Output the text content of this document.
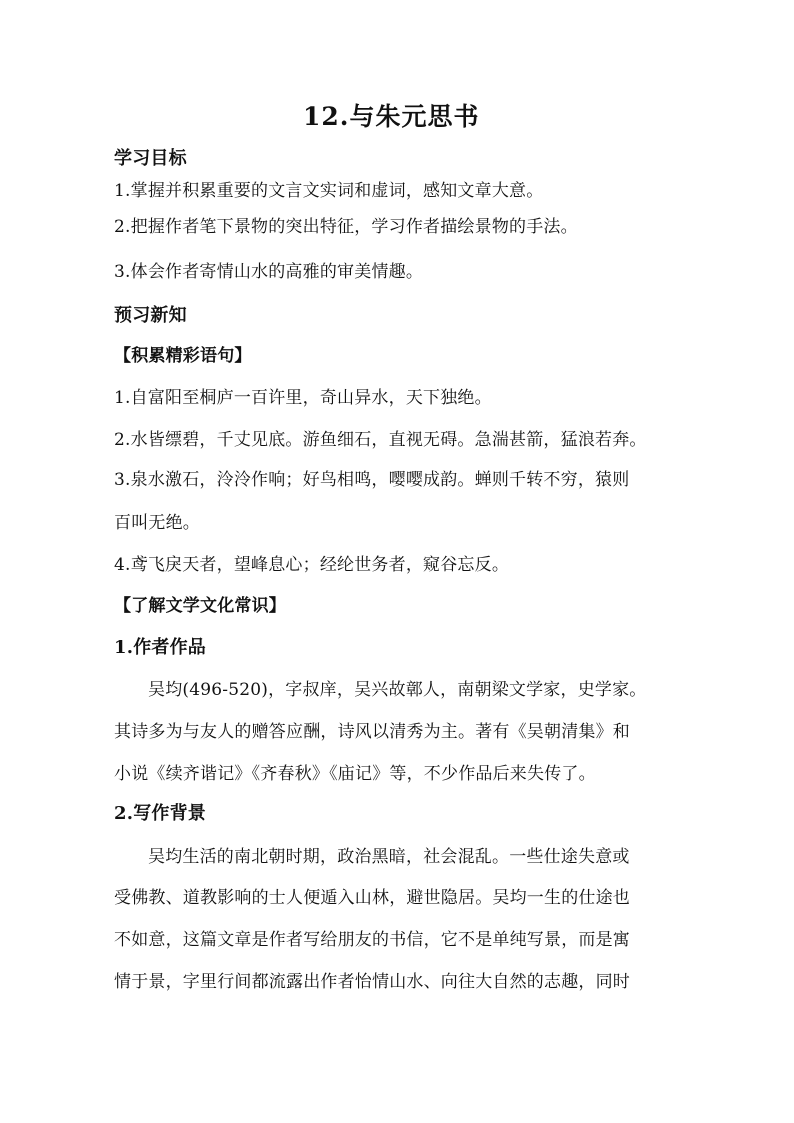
12.与朱元思书
学习目标
1.掌握并积累重要的文言文实词和虚词，感知文章大意。
2.把握作者笔下景物的突出特征，学习作者描绘景物的手法。
3.体会作者寄情山水的高雅的审美情趣。
预习新知
【积累精彩语句】
1.自富阳至桐庐一百许里，奇山异水，天下独绝。
2.水皆缥碧，千丈见底。游鱼细石，直视无碍。急湍甚箭，猛浪若奔。
3.泉水激石，泠泠作响；好鸟相鸣，嘤嘤成韵。蝉则千转不穷，猿则
百叫无绝。
4.鸢飞戾天者，望峰息心；经纶世务者，窥谷忘反。
【了解文学文化常识】
1.作者作品
吴均(496-520)，字叔庠，吴兴故鄣人，南朝梁文学家，史学家。
其诗多为与友人的赠答应酬，诗风以清秀为主。著有《吴朝清集》和
小说《续齐谐记》《齐春秋》《庙记》等，不少作品后来失传了。
2.写作背景
吴均生活的南北朝时期，政治黑暗，社会混乱。一些仕途失意或
受佛教、道教影响的士人便遁入山林，避世隐居。吴均一生的仕途也
不如意，这篇文章是作者写给朋友的书信，它不是单纯写景，而是寓
情于景，字里行间都流露出作者怡情山水、向往大自然的志趣，同时
